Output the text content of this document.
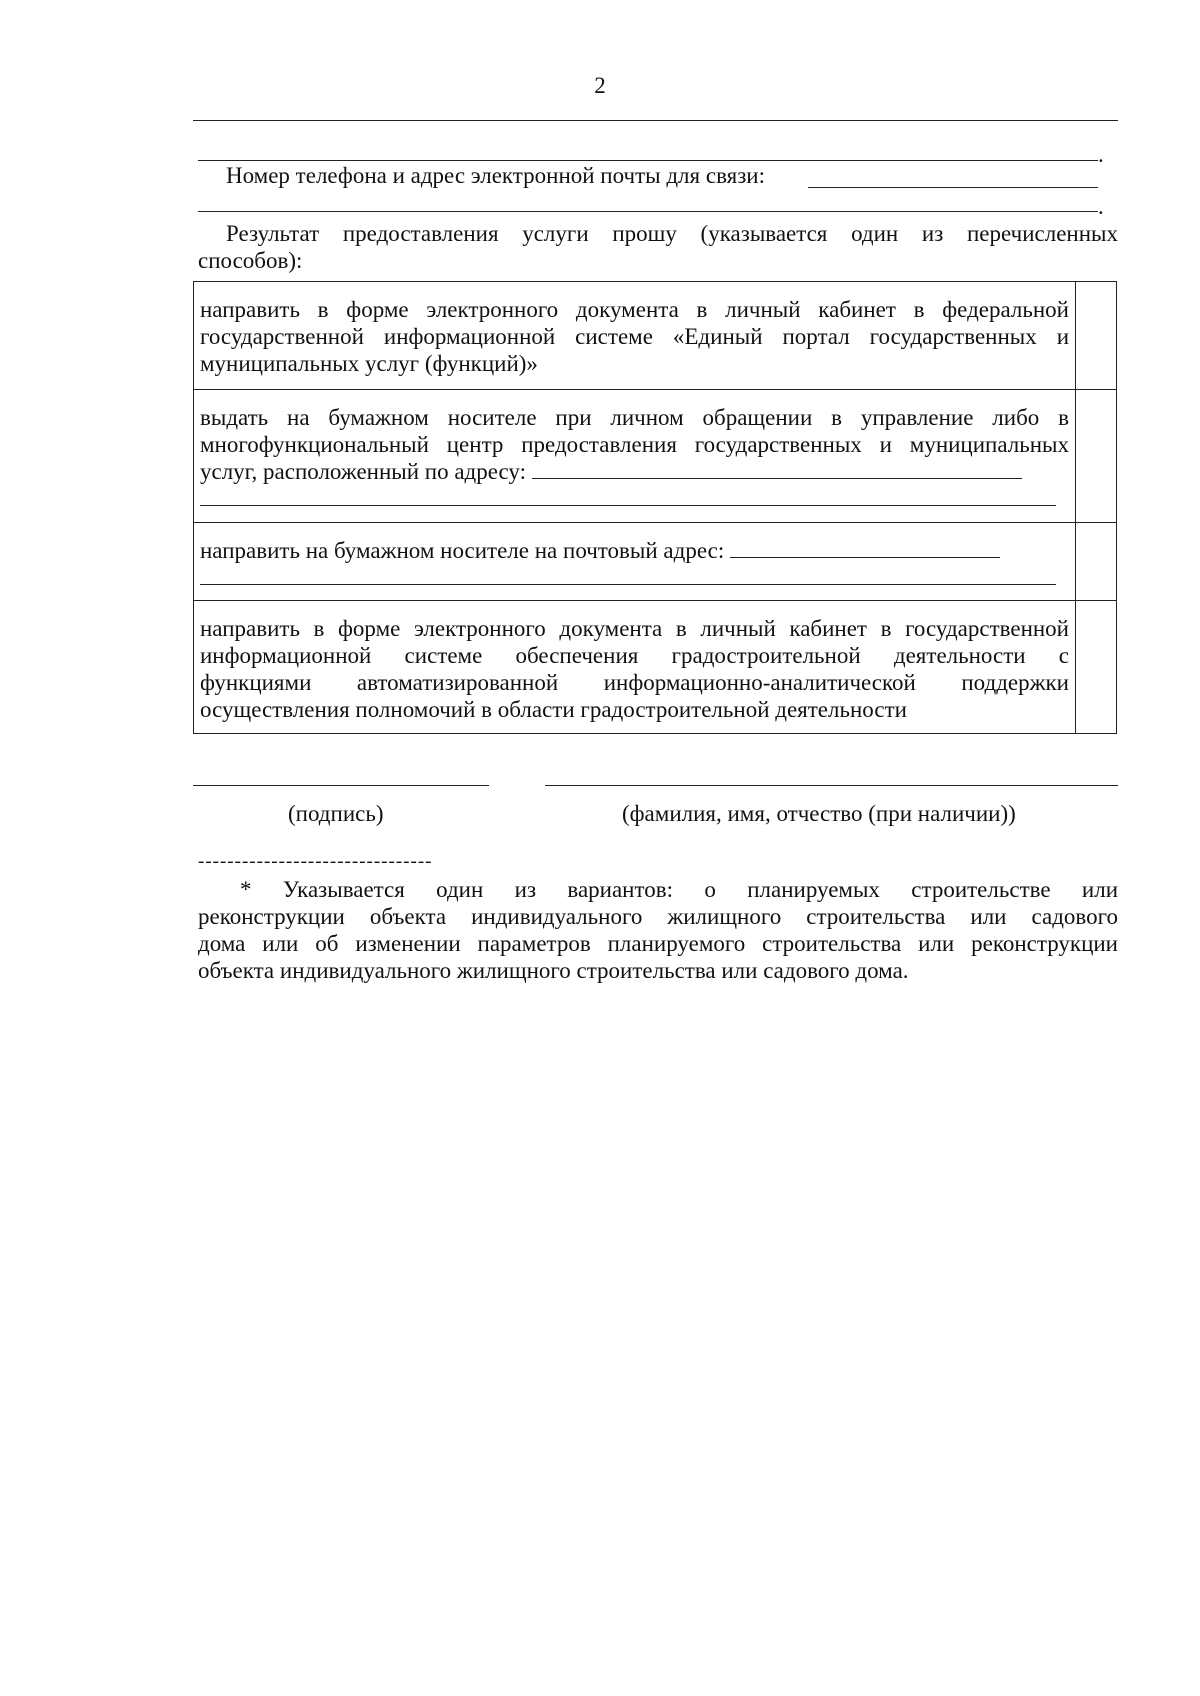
2
.
Номер телефона и адрес электронной почты для связи:
.
Результат предоставления услуги прошу (указывается один из перечисленных
способов):
направить в форме электронного документа в личный кабинет в федеральной
государственной информационной системе «Единый портал государственных и
муниципальных услуг (функций)»	

выдать на бумажном носителе при личном обращении в управление либо в
многофункциональный центр предоставления государственных и муниципальных
услуг, расположенный по адресу:	

направить на бумажном носителе на почтовый адрес:	

направить в форме электронного документа в личный кабинет в государственной
информационной системе обеспечения градостроительной деятельности с
функциями автоматизированной информационно-аналитической поддержки
осуществления полномочий в области градостроительной деятельности	

(подпись)	(фамилия, имя, отчество (при наличии))
--------------------------------
* Указывается один из вариантов: о планируемых строительстве или
реконструкции объекта индивидуального жилищного строительства или садового
дома или об изменении параметров планируемого строительства или реконструкции
объекта индивидуального жилищного строительства или садового дома.
